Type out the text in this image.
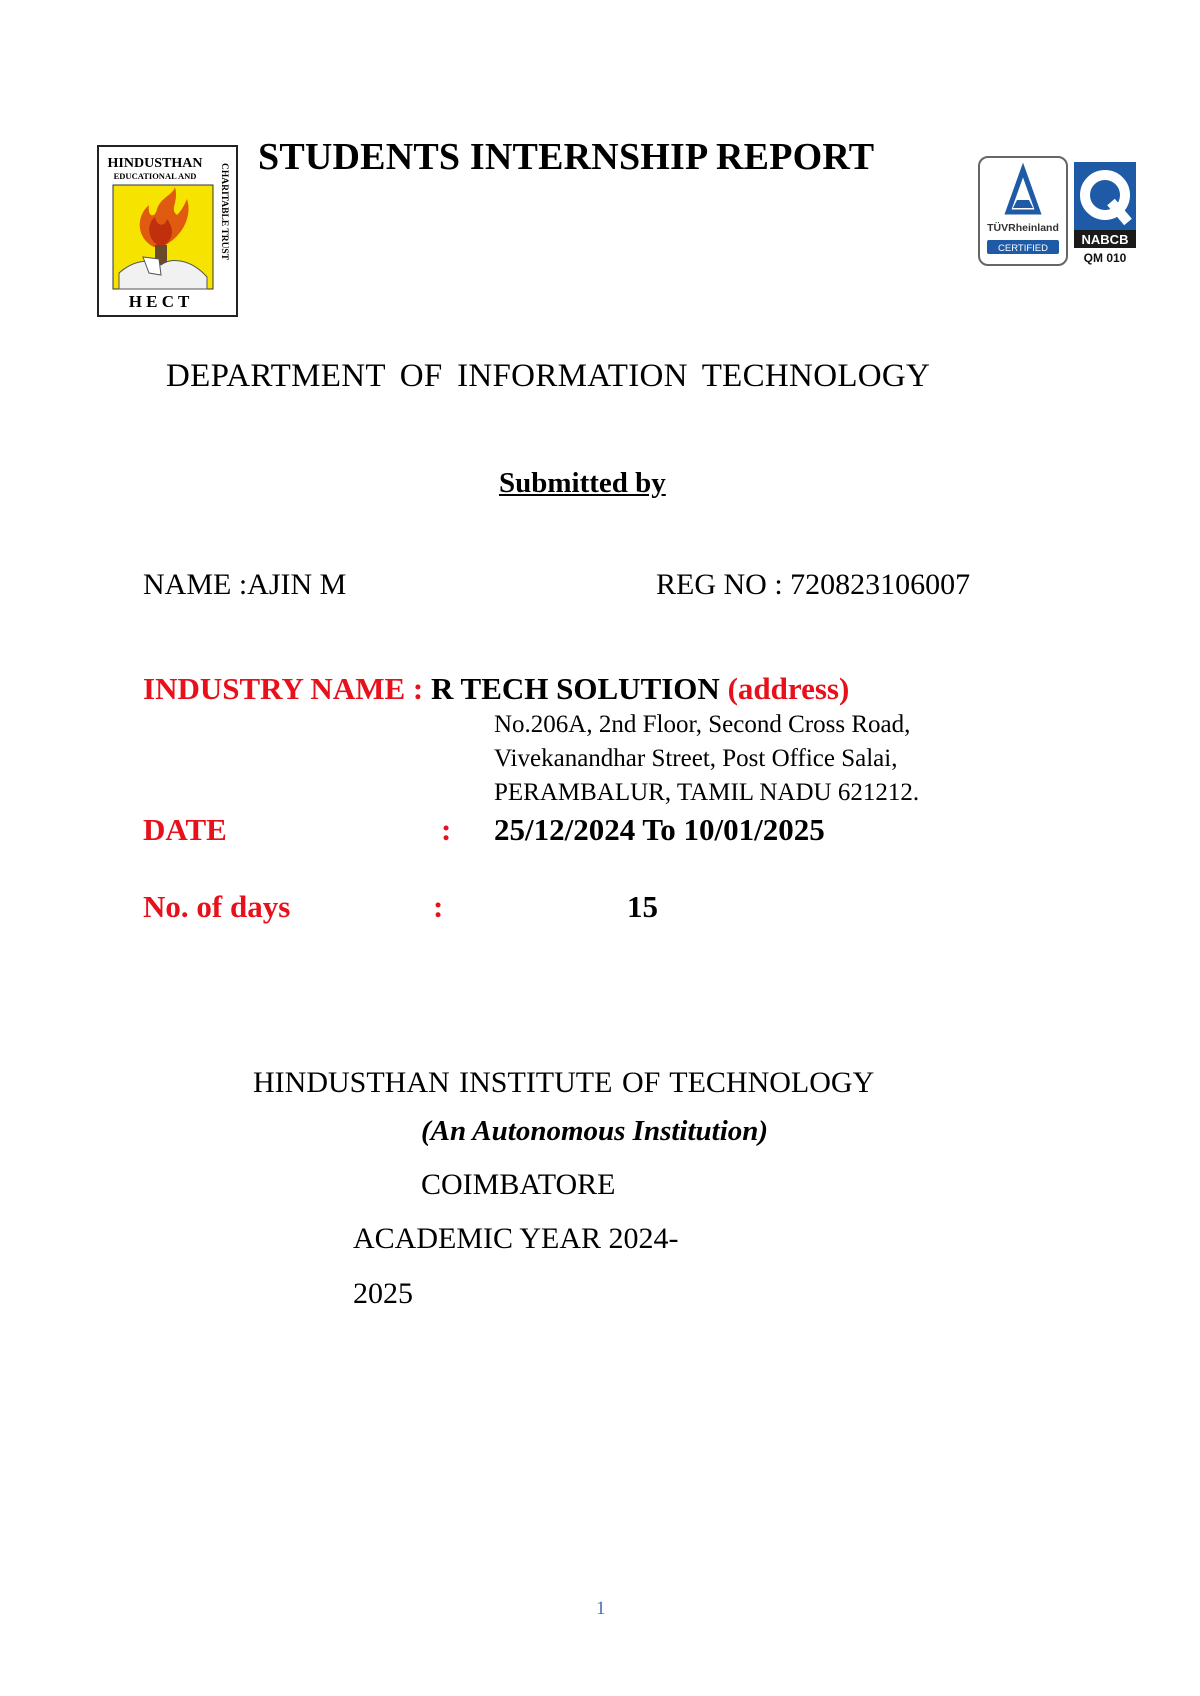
HINDUSTHAN
EDUCATIONAL AND CHARITABLE TRUST
H E C T
STUDENTS INTERNSHIP REPORT
TÜVRheinland
CERTIFIED
NABCB
QM 010
DEPARTMENT OF INFORMATION TECHNOLOGY
Submitted by
NAME :AJIN M	REG NO : 720823106007
INDUSTRY NAME : R TECH SOLUTION (address)
No.206A, 2nd Floor, Second Cross Road,
Vivekanandhar Street, Post Office Salai,
PERAMBALUR, TAMIL NADU 621212.
DATE	: 25/12/2024 To 10/01/2025
No. of days	:	15
HINDUSTHAN INSTITUTE OF TECHNOLOGY
(An Autonomous Institution)
COIMBATORE
ACADEMIC YEAR 2024-
2025
1
